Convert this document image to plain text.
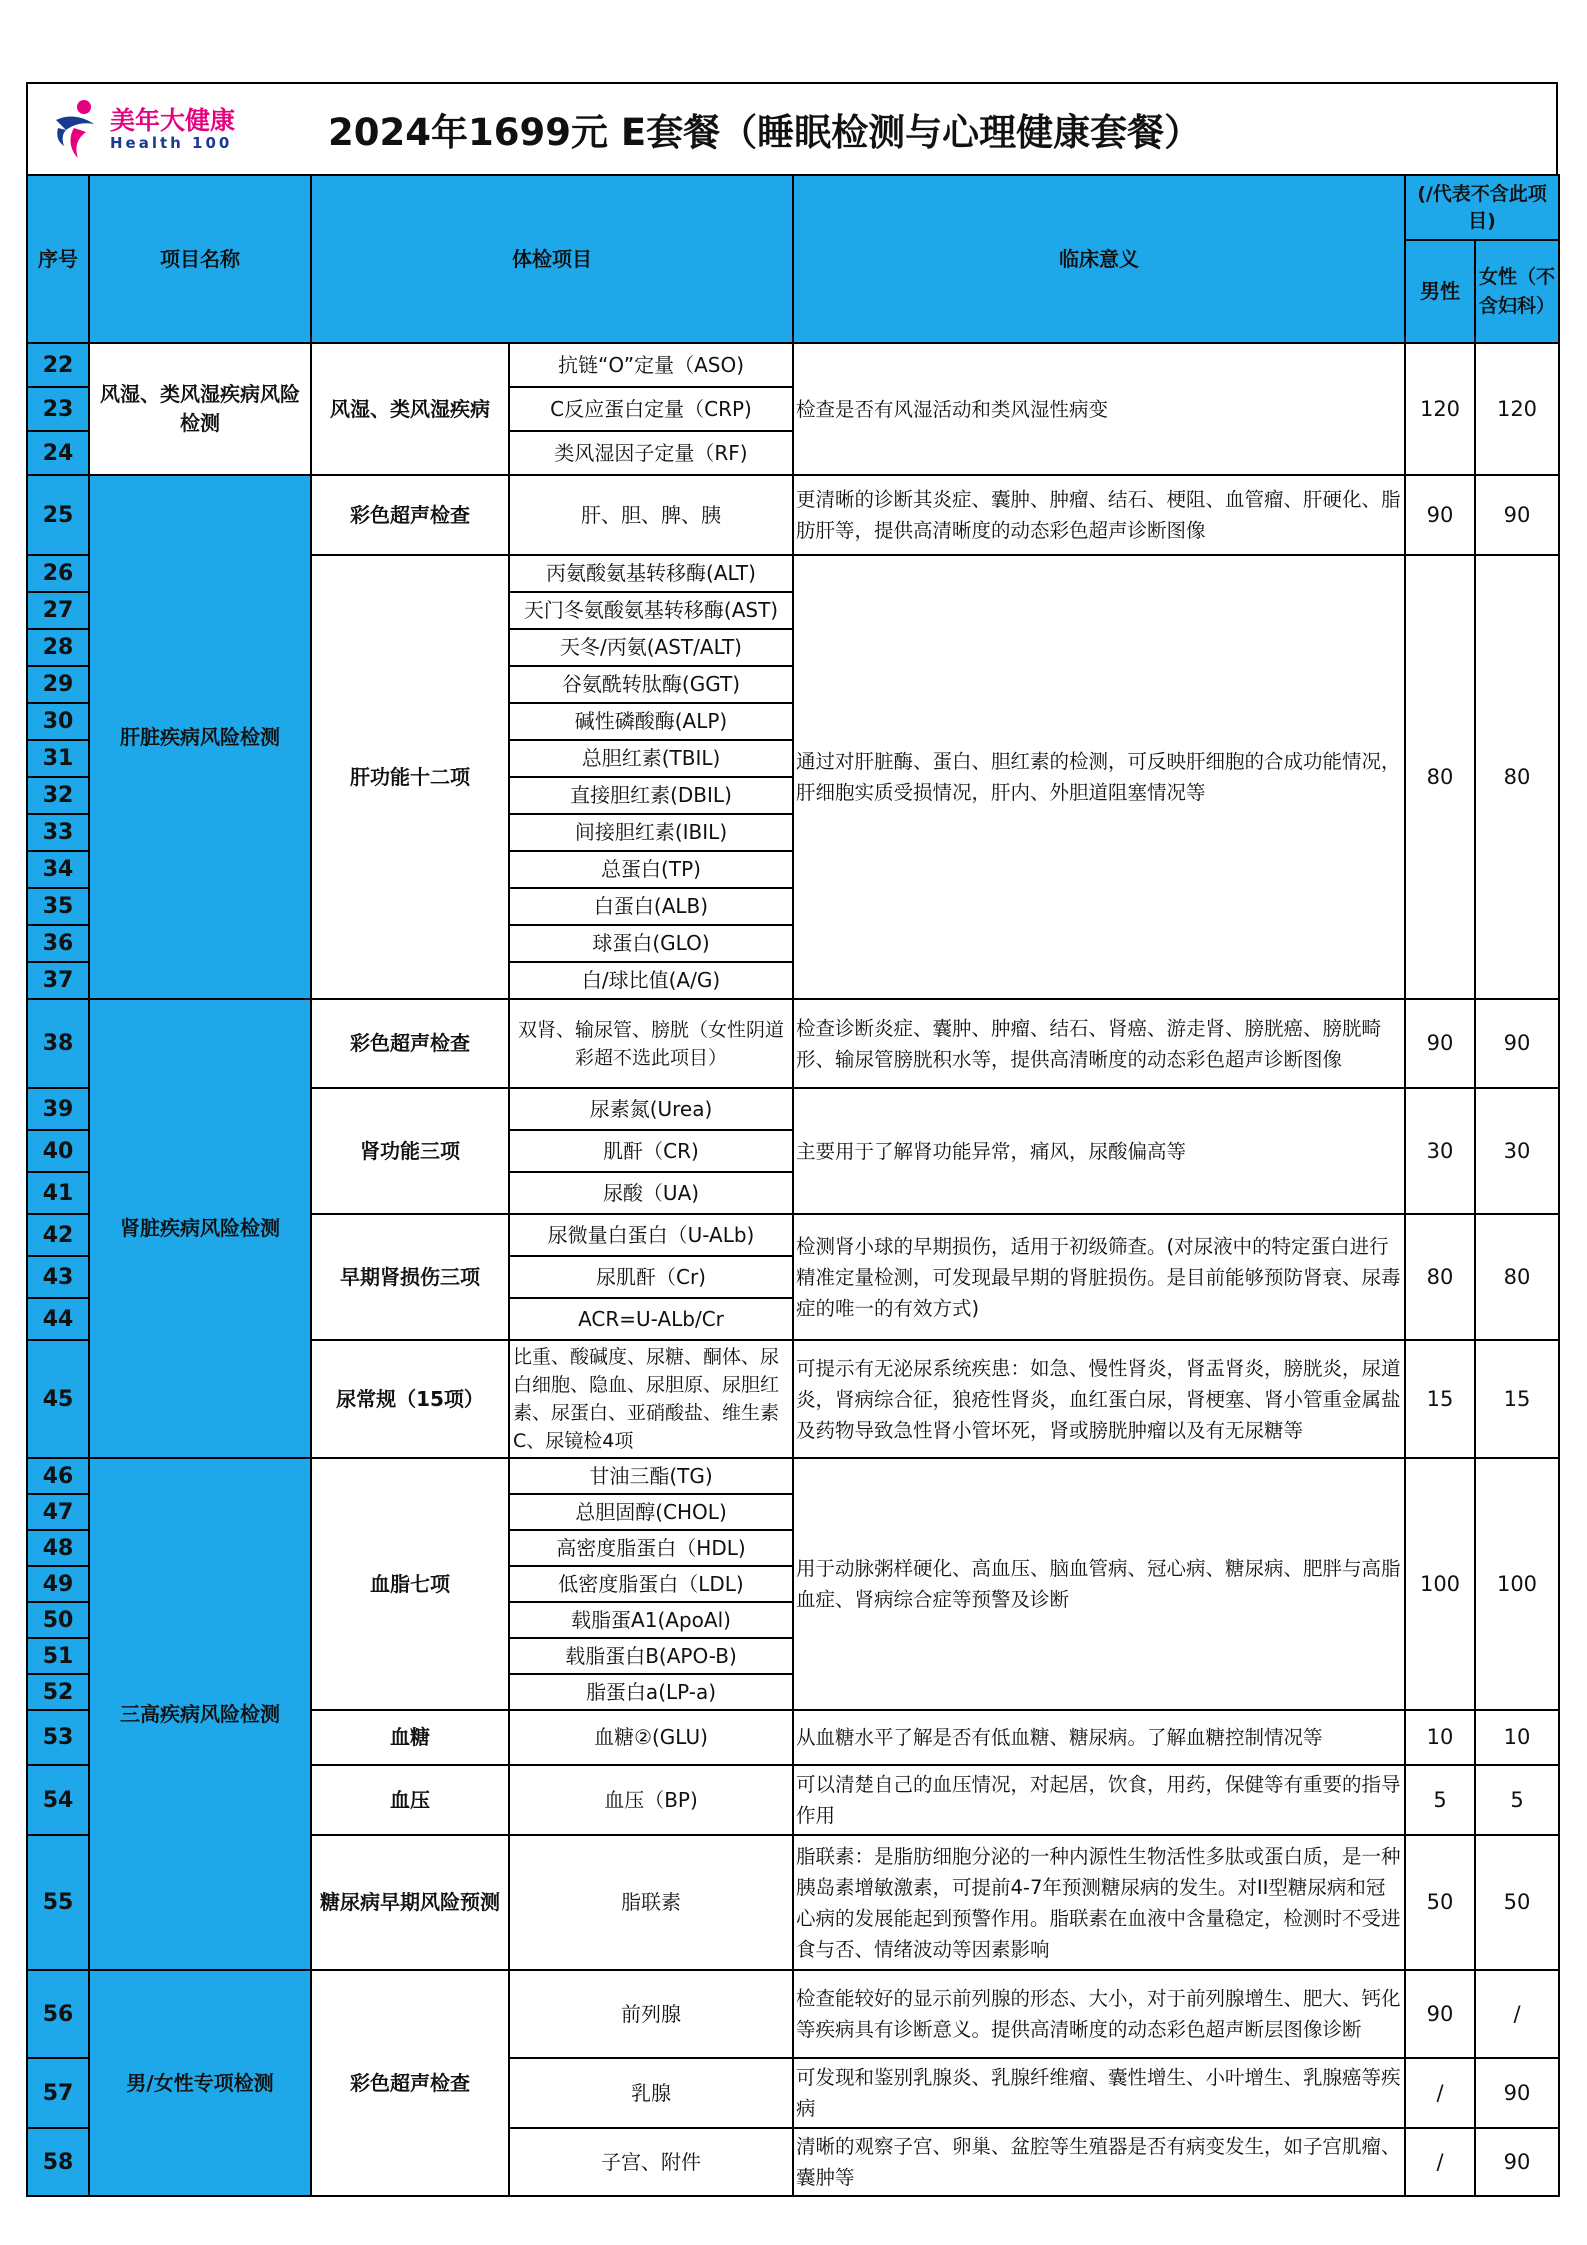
美年大健康
Health 100	2024年1699元 E套餐（睡眠检测与心理健康套餐）
序号	项目名称	体检项目		临床意义	(/代表不含此项目)	
					男性	女性（不含妇科）
22	风湿、类风湿疾病风险检测	风湿、类风湿疾病	抗链“O”定量（ASO)	检查是否有风湿活动和类风湿性病变	120	120
23			C反应蛋白定量（CRP)			
24			类风湿因子定量（RF)			
25	肝脏疾病风险检测	彩色超声检查	肝、胆、脾、胰	更清晰的诊断其炎症、囊肿、肿瘤、结石、梗阻、血管瘤、肝硬化、脂肪肝等，提供高清晰度的动态彩色超声诊断图像	90	90
26		肝功能十二项	丙氨酸氨基转移酶(ALT)	通过对肝脏酶、蛋白、胆红素的检测，可反映肝细胞的合成功能情况，肝细胞实质受损情况，肝内、外胆道阻塞情况等	80	80
27			天门冬氨酸氨基转移酶(AST)			
28			天冬/丙氨(AST/ALT)			
29			谷氨酰转肽酶(GGT)			
30			碱性磷酸酶(ALP)			
31			总胆红素(TBIL)			
32			直接胆红素(DBIL)			
33			间接胆红素(IBIL)			
34			总蛋白(TP)			
35			白蛋白(ALB)			
36			球蛋白(GLO)			
37			白/球比值(A/G)			
38	肾脏疾病风险检测	彩色超声检查	双肾、输尿管、膀胱（女性阴道彩超不选此项目）	检查诊断炎症、囊肿、肿瘤、结石、肾癌、游走肾、膀胱癌、膀胱畸形、输尿管膀胱积水等，提供高清晰度的动态彩色超声诊断图像	90	90
39		肾功能三项	尿素氮(Urea)	主要用于了解肾功能异常，痛风，尿酸偏高等	30	30
40			肌酐（CR)			
41			尿酸（UA)			
42		早期肾损伤三项	尿微量白蛋白（U-ALb)	检测肾小球的早期损伤，适用于初级筛查。(对尿液中的特定蛋白进行精准定量检测，可发现最早期的肾脏损伤。是目前能够预防肾衰、尿毒症的唯一的有效方式)	80	80
43			尿肌酐（Cr)			
44			ACR=U-ALb/Cr			
45		尿常规（15项）	比重、酸碱度、尿糖、酮体、尿白细胞、隐血、尿胆原、尿胆红素、尿蛋白、亚硝酸盐、维生素C、尿镜检4项	可提示有无泌尿系统疾患：如急、慢性肾炎，肾盂肾炎，膀胱炎，尿道炎，肾病综合征，狼疮性肾炎，血红蛋白尿，肾梗塞、肾小管重金属盐及药物导致急性肾小管坏死，肾或膀胱肿瘤以及有无尿糖等	15	15
46	三高疾病风险检测	血脂七项	甘油三酯(TG)	用于动脉粥样硬化、高血压、脑血管病、冠心病、糖尿病、肥胖与高脂血症、肾病综合症等预警及诊断	100	100
47			总胆固醇(CHOL)			
48			高密度脂蛋白（HDL)			
49			低密度脂蛋白（LDL)			
50			载脂蛋A1(ApoAl)			
51			载脂蛋白B(APO-B)			
52			脂蛋白a(LP-a)			
53		血糖	血糖②(GLU)	从血糖水平了解是否有低血糖、糖尿病。了解血糖控制情况等	10	10
54		血压	血压（BP)	可以清楚自己的血压情况，对起居，饮食，用药，保健等有重要的指导作用	5	5
55		糖尿病早期风险预测	脂联素	脂联素：是脂肪细胞分泌的一种内源性生物活性多肽或蛋白质，是一种胰岛素增敏激素，可提前4-7年预测糖尿病的发生。对II型糖尿病和冠心病的发展能起到预警作用。脂联素在血液中含量稳定，检测时不受进食与否、情绪波动等因素影响	50	50
56	男/女性专项检测	彩色超声检查	前列腺	检查能较好的显示前列腺的形态、大小，对于前列腺增生、肥大、钙化等疾病具有诊断意义。提供高清晰度的动态彩色超声断层图像诊断	90	/
57			乳腺	可发现和鉴别乳腺炎、乳腺纤维瘤、囊性增生、小叶增生、乳腺癌等疾病	/	90
58			子宫、附件	清晰的观察子宫、卵巢、盆腔等生殖器是否有病变发生，如子宫肌瘤、囊肿等	/	90
